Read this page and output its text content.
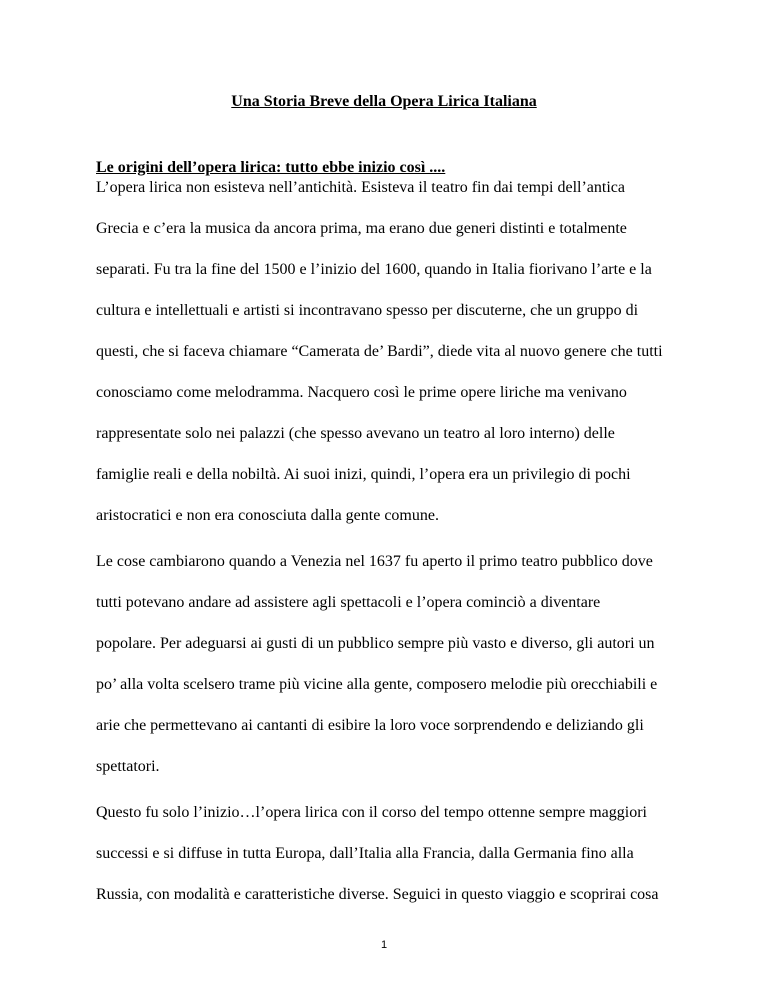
Una Storia Breve della Opera Lirica Italiana
Le origini dell’opera lirica: tutto ebbe inizio così ....
L’opera lirica non esisteva nell’antichità. Esisteva il teatro fin dai tempi dell’antica
Grecia e c’era la musica da ancora prima, ma erano due generi distinti e totalmente
separati. Fu tra la fine del 1500 e l’inizio del 1600, quando in Italia fiorivano l’arte e la
cultura e intellettuali e artisti si incontravano spesso per discuterne, che un gruppo di
questi, che si faceva chiamare “Camerata de’ Bardi”, diede vita al nuovo genere che tutti
conosciamo come melodramma. Nacquero così le prime opere liriche ma venivano
rappresentate solo nei palazzi (che spesso avevano un teatro al loro interno) delle
famiglie reali e della nobiltà. Ai suoi inizi, quindi, l’opera era un privilegio di pochi
aristocratici e non era conosciuta dalla gente comune.
Le cose cambiarono quando a Venezia nel 1637 fu aperto il primo teatro pubblico dove
tutti potevano andare ad assistere agli spettacoli e l’opera cominciò a diventare
popolare. Per adeguarsi ai gusti di un pubblico sempre più vasto e diverso, gli autori un
po’ alla volta scelsero trame più vicine alla gente, composero melodie più orecchiabili e
arie che permettevano ai cantanti di esibire la loro voce sorprendendo e deliziando gli
spettatori.
Questo fu solo l’inizio…l’opera lirica con il corso del tempo ottenne sempre maggiori
successi e si diffuse in tutta Europa, dall’Italia alla Francia, dalla Germania fino alla
Russia, con modalità e caratteristiche diverse. Seguici in questo viaggio e scoprirai cosa
1
